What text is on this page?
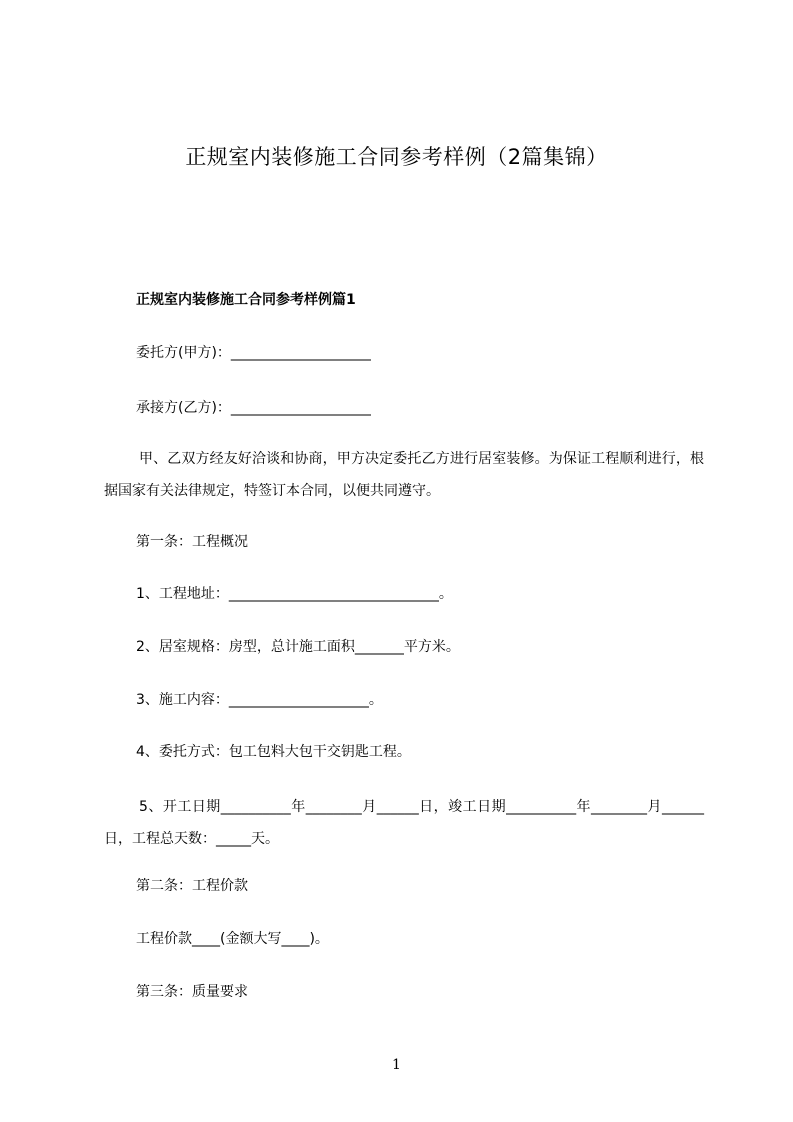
正规室内装修施工合同参考样例（2篇集锦）
正规室内装修施工合同参考样例篇1
委托方(甲方)：____________________
承接方(乙方)：____________________
甲、乙双方经友好洽谈和协商，甲方决定委托乙方进行居室装修。为保证工程顺利进行，根据国家有关法律规定，特签订本合同，以便共同遵守。
第一条：工程概况
1、工程地址：______________________________。
2、居室规格：房型，总计施工面积_______平方米。
3、施工内容：____________________。
4、委托方式：包工包料大包干交钥匙工程。
5、开工日期__________年________月______日，竣工日期__________年________月______日，工程总天数：_____天。
第二条：工程价款
工程价款____(金额大写____)。
第三条：质量要求
1
